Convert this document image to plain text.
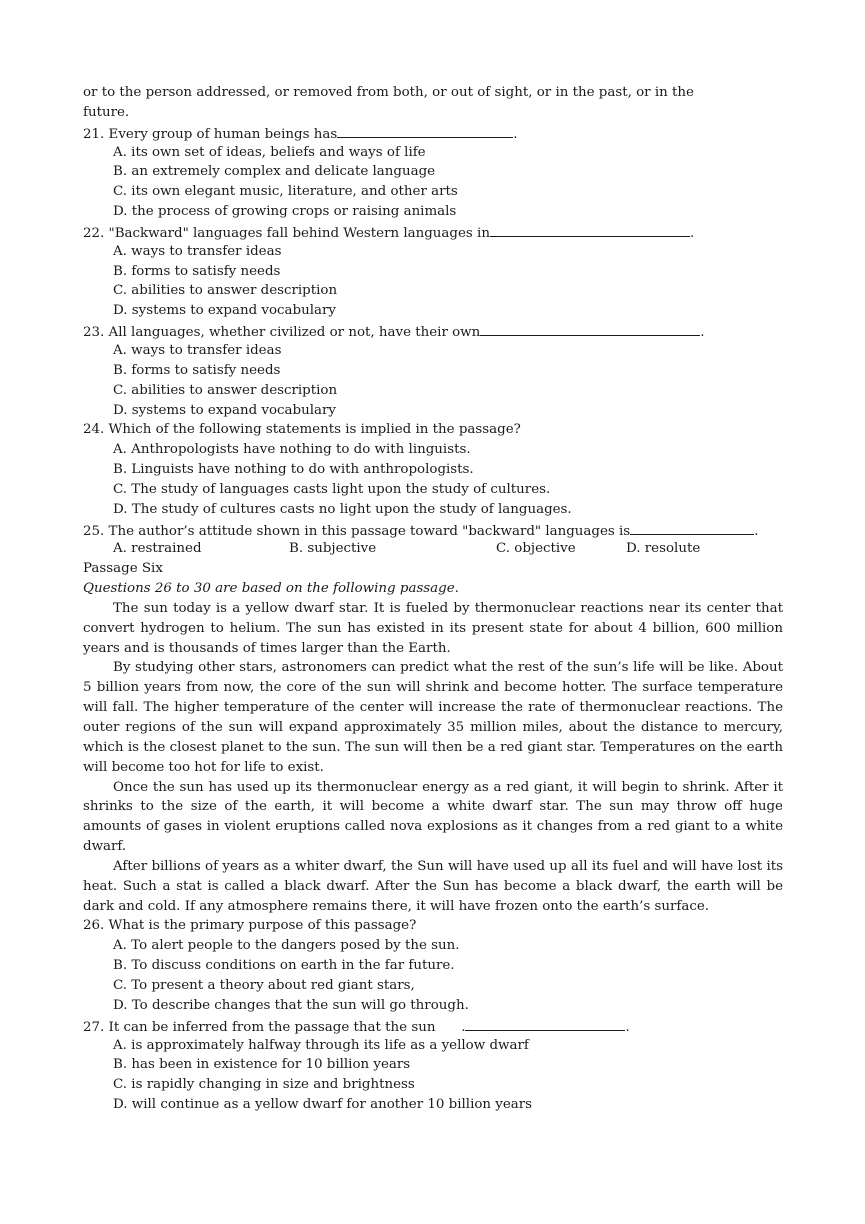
or to the person addressed, or removed from both, or out of sight, or in the past, or in the
future.
21. Every group of human beings has	.
A. its own set of ideas, beliefs and ways of life
B. an extremely complex and delicate language
C. its own elegant music, literature, and other arts
D. the process of growing crops or raising animals
22. "Backward" languages fall behind Western languages in	.
A. ways to transfer ideas
B. forms to satisfy needs
C. abilities to answer description
D. systems to expand vocabulary
23. All languages, whether civilized or not, have their own	.
A. ways to transfer ideas
B. forms to satisfy needs
C. abilities to answer description
D. systems to expand vocabulary
24. Which of the following statements is implied in the passage?
A. Anthropologists have nothing to do with linguists.
B. Linguists have nothing to do with anthropologists.
C. The study of languages casts light upon the study of cultures.
D. The study of cultures casts no light upon the study of languages.
25. The author’s attitude shown in this passage toward "backward" languages is	.
A. restrained	B. subjective	C. objective	D. resolute
Passage Six
Questions 26 to 30 are based on the following passage.
The sun today is a yellow dwarf star. It is fueled by thermonuclear reactions near its center that convert hydrogen to helium. The sun has existed in its present state for about 4 billion, 600 million years and is thousands of times larger than the Earth.
By studying other stars, astronomers can predict what the rest of the sun’s life will be like. About 5 billion years from now, the core of the sun will shrink and become hotter. The surface temperature will fall. The higher temperature of the center will increase the rate of thermonuclear reactions. The outer regions of the sun will expand approximately 35 million miles, about the distance to mercury, which is the closest planet to the sun. The sun will then be a red giant star. Temperatures on the earth will become too hot for life to exist.
Once the sun has used up its thermonuclear energy as a red giant, it will begin to shrink. After it shrinks to the size of the earth, it will become a white dwarf star. The sun may throw off huge amounts of gases in violent eruptions called nova explosions as it changes from a red giant to a white dwarf.
After billions of years as a whiter dwarf, the Sun will have used up all its fuel and will have lost its heat. Such a stat is called a black dwarf. After the Sun has become a black dwarf, the earth will be dark and cold. If any atmosphere remains there, it will have frozen onto the earth’s surface.
26. What is the primary purpose of this passage?
A. To alert people to the dangers posed by the sun.
B. To discuss conditions on earth in the far future.
C. To present a theory about red giant stars,
D. To describe changes that the sun will go through.
27. It can be inferred from the passage that the sun .	.
A. is approximately halfway through its life as a yellow dwarf
B. has been in existence for 10 billion years
C. is rapidly changing in size and brightness
D. will continue as a yellow dwarf for another 10 billion years
